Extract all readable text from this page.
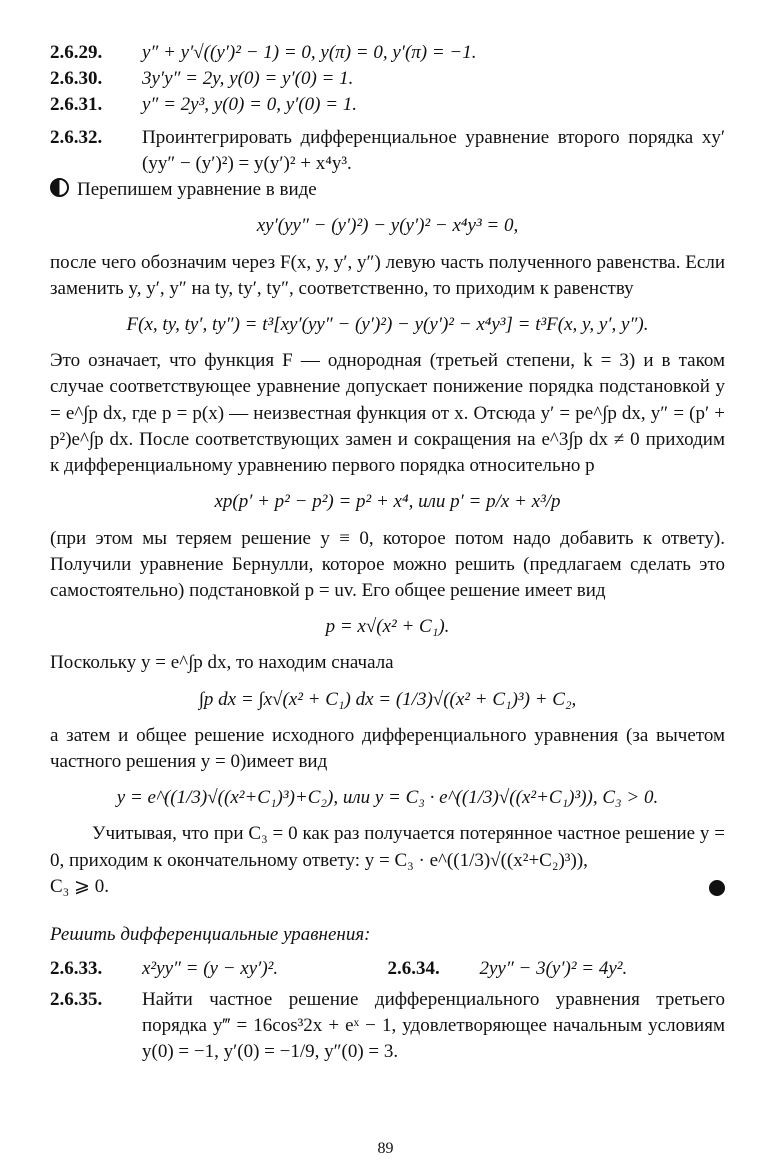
2.6.29.	y″ + y′√((y′)² − 1) = 0, y(π) = 0, y′(π) = −1.
2.6.30.	3y′y″ = 2y, y(0) = y′(0) = 1.
2.6.31.	y″ = 2y³, y(0) = 0, y′(0) = 1.
2.6.32.	Проинтегрировать дифференциальное уравнение второго порядка xy′(yy″ − (y′)²) = y(y′)² + x⁴y³.

Перепишем уравнение в виде

xy′(yy″ − (y′)²) − y(y′)² − x⁴y³ = 0,

после чего обозначим через F(x, y, y′, y″) левую часть полученного равенства. Если заменить y, y′, y″ на ty, ty′, ty″, соответственно, то приходим к равенству

F(x, ty, ty′, ty″) = t³[xy′(yy″ − (y′)²) − y(y′)² − x⁴y³] = t³F(x, y, y′, y″).

Это означает, что функция F — однородная (третьей степени, k = 3) и в таком случае соответствующее уравнение допускает понижение порядка подстановкой y = e^∫p dx, где p = p(x) — неизвестная функция от x. Отсюда y′ = pe^∫p dx, y″ = (p′ + p²)e^∫p dx. После соответствующих замен и сокращения на e^3∫p dx ≠ 0 приходим к дифференциальному уравнению первого порядка относительно p

xp(p′ + p² − p²) = p² + x⁴, или p′ = p/x + x³/p

(при этом мы теряем решение y ≡ 0, которое потом надо добавить к ответу). Получили уравнение Бернулли, которое можно решить (предлагаем сделать это самостоятельно) подстановкой p = uv. Его общее решение имеет вид

p = x√(x² + C₁).

Поскольку y = e^∫p dx, то находим сначала

∫p dx = ∫x√(x² + C₁) dx = (1/3)√((x² + C₁)³) + C₂,

а затем и общее решение исходного дифференциального уравнения (за вычетом частного решения y = 0)имеет вид

y = e^((1/3)√((x²+C₁)³)+C₂), или y = C₃ · e^((1/3)√((x²+C₁)³)), C₃ > 0.

Учитывая, что при C₃ = 0 как раз получается потерянное частное решение y = 0, приходим к окончательному ответу: y = C₃ · e^((1/3)√((x²+C₂)³)),

C₃ ⩾ 0.

Решить дифференциальные уравнения:

2.6.33.	x²yy″ = (y − xy′)².	2.6.34.	2yy″ − 3(y′)² = 4y².
2.6.35.	Найти частное решение дифференциального уравнения третьего порядка y‴ = 16cos³2x + eˣ − 1, удовлетворяющее начальным условиям y(0) = −1, y′(0) = −1/9, y″(0) = 3.
89
